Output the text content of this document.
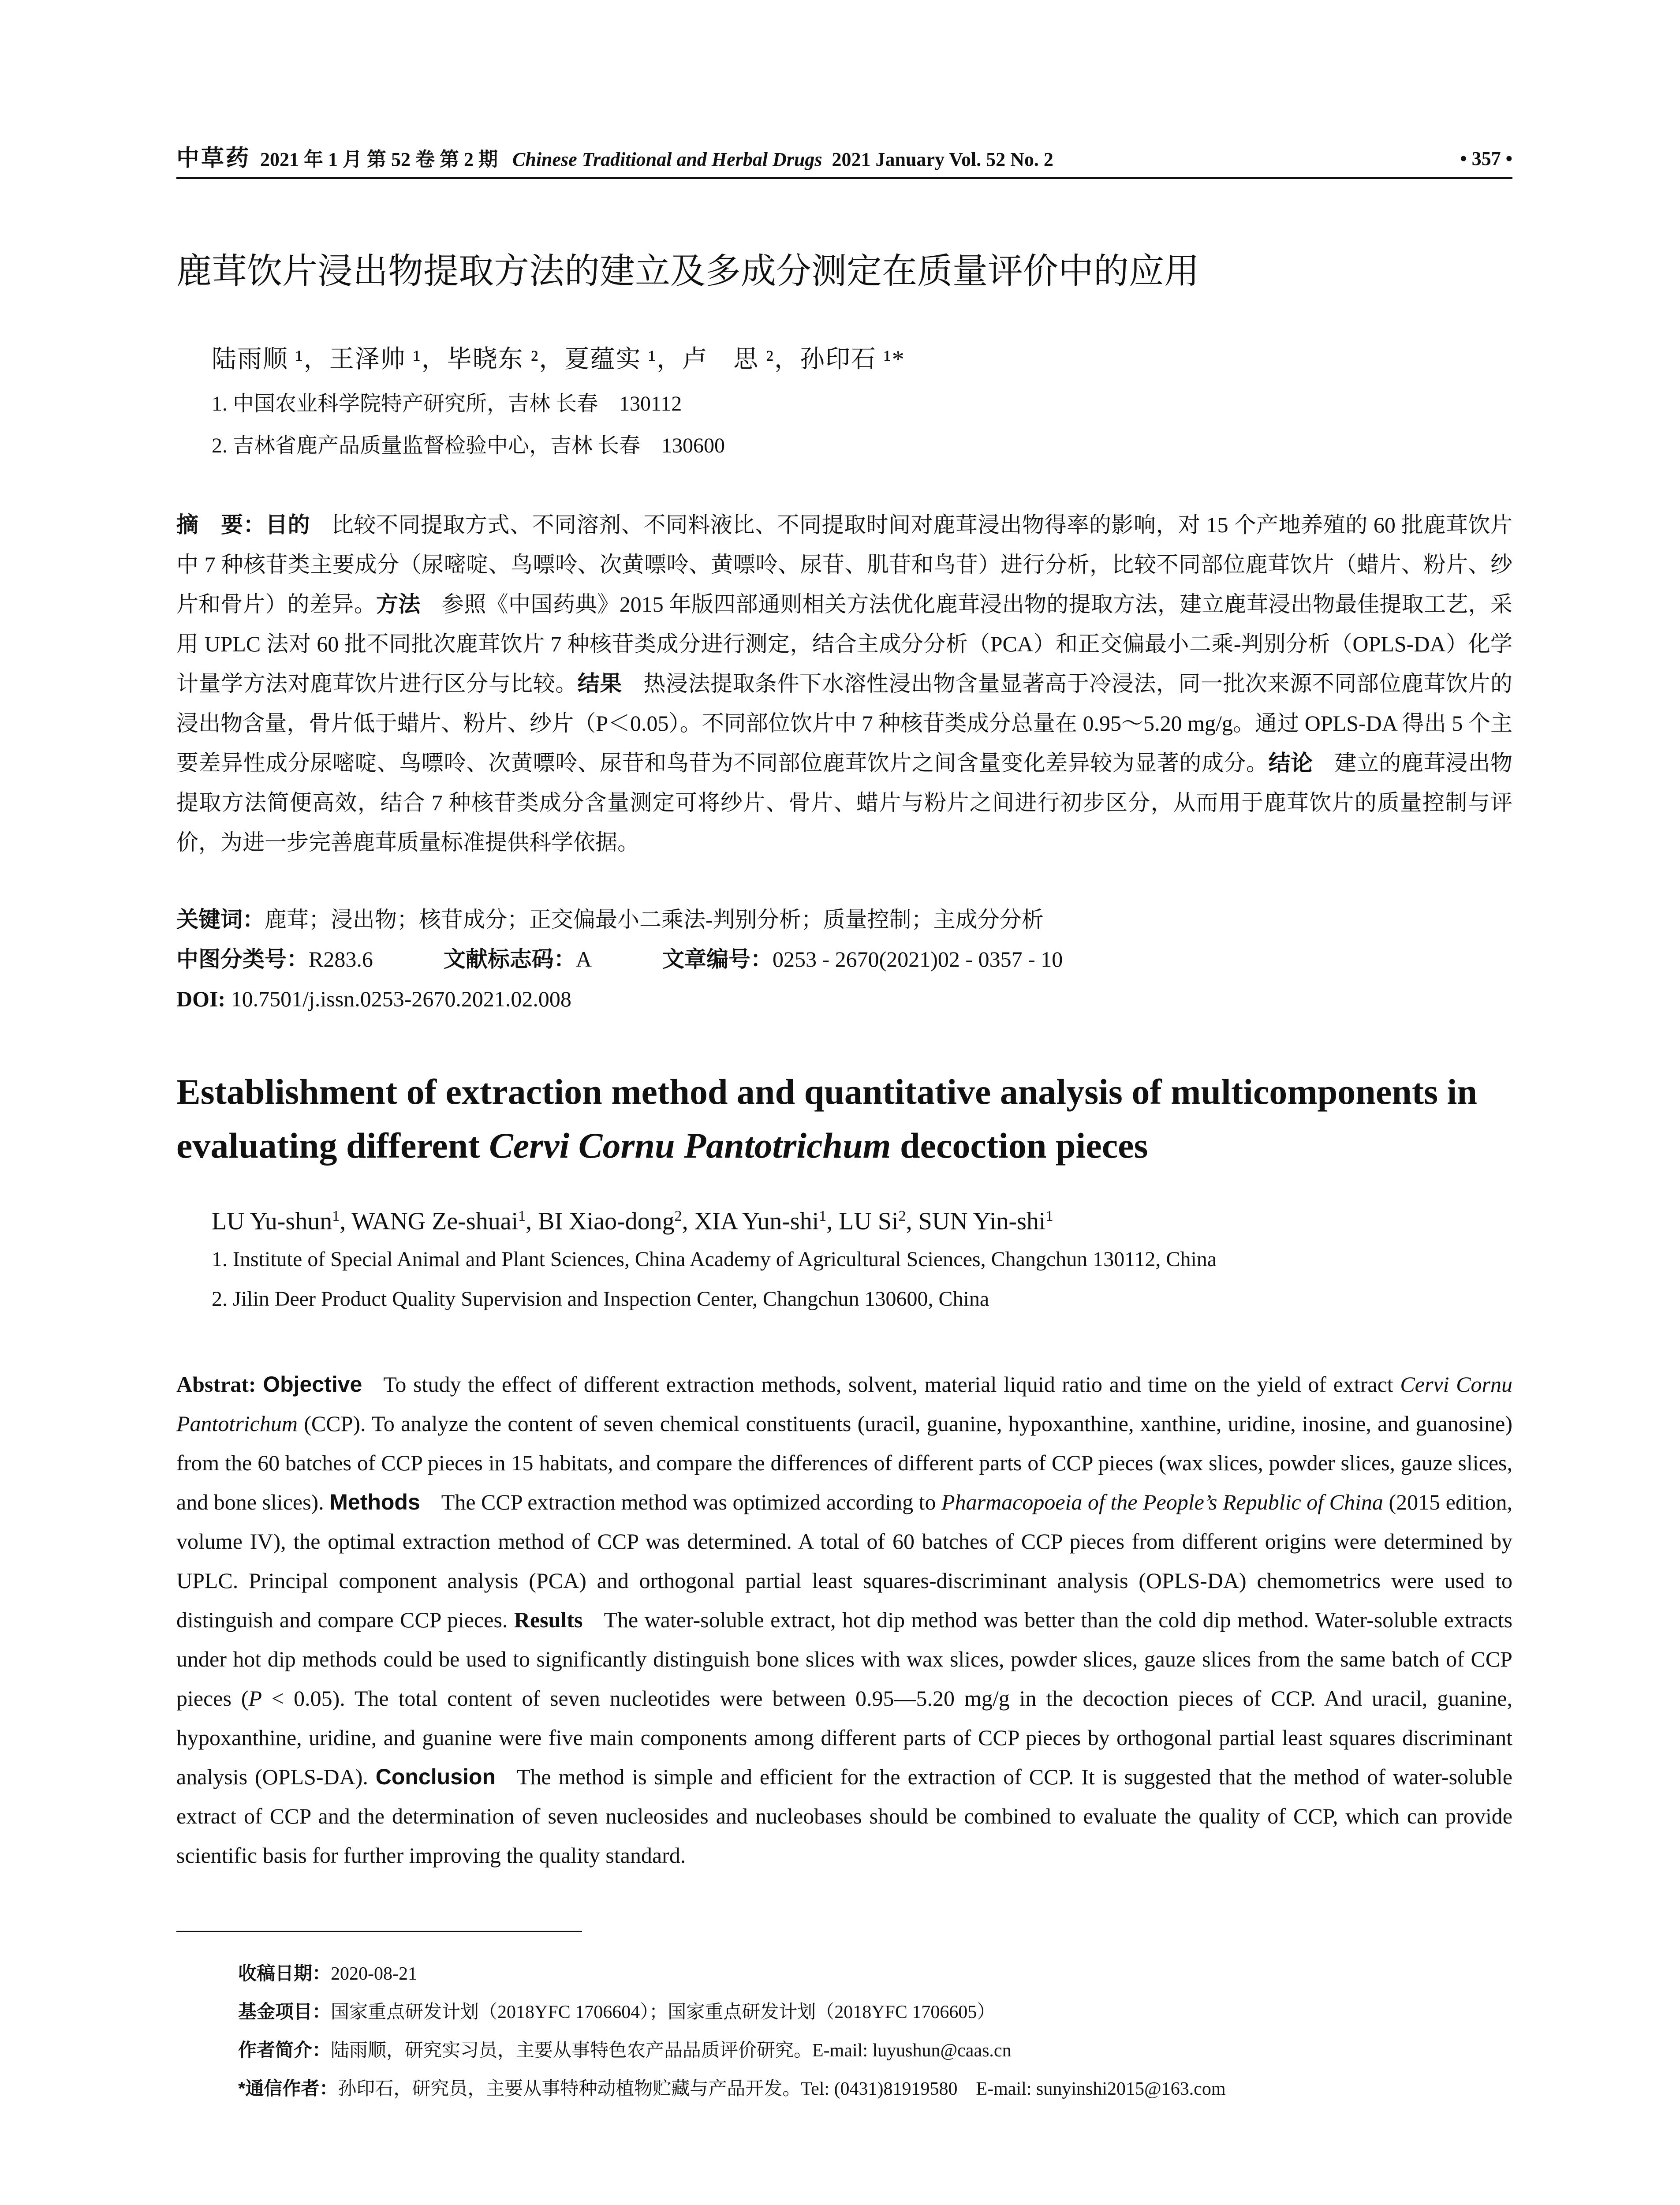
中草药 2021 年 1 月 第 52 卷 第 2 期 Chinese Traditional and Herbal Drugs 2021 January Vol. 52 No. 2	• 357 •
鹿茸饮片浸出物提取方法的建立及多成分测定在质量评价中的应用
陆雨顺 ¹，王泽帅 ¹，毕晓东 ²，夏蕴实 ¹，卢　思 ²，孙印石 ¹*
1. 中国农业科学院特产研究所，吉林 长春　130112
2. 吉林省鹿产品质量监督检验中心，吉林 长春　130600
摘　要：目的 比较不同提取方式、不同溶剂、不同料液比、不同提取时间对鹿茸浸出物得率的影响，对 15 个产地养殖的 60 批鹿茸饮片中 7 种核苷类主要成分（尿嘧啶、鸟嘌呤、次黄嘌呤、黄嘌呤、尿苷、肌苷和鸟苷）进行分析，比较不同部位鹿茸饮片（蜡片、粉片、纱片和骨片）的差异。方法 参照《中国药典》2015 年版四部通则相关方法优化鹿茸浸出物的提取方法，建立鹿茸浸出物最佳提取工艺，采用 UPLC 法对 60 批不同批次鹿茸饮片 7 种核苷类成分进行测定，结合主成分分析（PCA）和正交偏最小二乘-判别分析（OPLS-DA）化学计量学方法对鹿茸饮片进行区分与比较。结果 热浸法提取条件下水溶性浸出物含量显著高于冷浸法，同一批次来源不同部位鹿茸饮片的浸出物含量，骨片低于蜡片、粉片、纱片（P＜0.05）。不同部位饮片中 7 种核苷类成分总量在 0.95～5.20 mg/g。通过 OPLS-DA 得出 5 个主要差异性成分尿嘧啶、鸟嘌呤、次黄嘌呤、尿苷和鸟苷为不同部位鹿茸饮片之间含量变化差异较为显著的成分。结论 建立的鹿茸浸出物提取方法简便高效，结合 7 种核苷类成分含量测定可将纱片、骨片、蜡片与粉片之间进行初步区分，从而用于鹿茸饮片的质量控制与评价，为进一步完善鹿茸质量标准提供科学依据。
关键词：鹿茸；浸出物；核苷成分；正交偏最小二乘法-判别分析；质量控制；主成分分析
中图分类号：R283.6	文献标志码：A	文章编号：0253 - 2670(2021)02 - 0357 - 10
DOI: 10.7501/j.issn.0253-2670.2021.02.008
Establishment of extraction method and quantitative analysis of multicomponents in evaluating different Cervi Cornu Pantotrichum decoction pieces
LU Yu-shun$^1$, WANG Ze-shuai$^1$, BI Xiao-dong$^2$, XIA Yun-shi$^1$, LU Si$^2$, SUN Yin-shi$^1$
1. Institute of Special Animal and Plant Sciences, China Academy of Agricultural Sciences, Changchun 130112, China
2. Jilin Deer Product Quality Supervision and Inspection Center, Changchun 130600, China
Abstrat: Objective To study the effect of different extraction methods, solvent, material liquid ratio and time on the yield of extract Cervi Cornu Pantotrichum (CCP). To analyze the content of seven chemical constituents (uracil, guanine, hypoxanthine, xanthine, uridine, inosine, and guanosine) from the 60 batches of CCP pieces in 15 habitats, and compare the differences of different parts of CCP pieces (wax slices, powder slices, gauze slices, and bone slices). Methods The CCP extraction method was optimized according to Pharmacopoeia of the People’s Republic of China (2015 edition, volume IV), the optimal extraction method of CCP was determined. A total of 60 batches of CCP pieces from different origins were determined by UPLC. Principal component analysis (PCA) and orthogonal partial least squares-discriminant analysis (OPLS-DA) chemometrics were used to distinguish and compare CCP pieces. Results The water-soluble extract, hot dip method was better than the cold dip method. Water-soluble extracts under hot dip methods could be used to significantly distinguish bone slices with wax slices, powder slices, gauze slices from the same batch of CCP pieces (P < 0.05). The total content of seven nucleotides were between 0.95—5.20 mg/g in the decoction pieces of CCP. And uracil, guanine, hypoxanthine, uridine, and guanine were five main components among different parts of CCP pieces by orthogonal partial least squares discriminant analysis (OPLS-DA). Conclusion The method is simple and efficient for the extraction of CCP. It is suggested that the method of water-soluble extract of CCP and the determination of seven nucleosides and nucleobases should be combined to evaluate the quality of CCP, which can provide scientific basis for further improving the quality standard.
收稿日期：2020-08-21
基金项目：国家重点研发计划（2018YFC 1706604）；国家重点研发计划（2018YFC 1706605）
作者简介：陆雨顺，研究实习员，主要从事特色农产品品质评价研究。E-mail: luyushun@caas.cn
*通信作者：孙印石，研究员，主要从事特种动植物贮藏与产品开发。Tel: (0431)81919580　E-mail: sunyinshi2015@163.com
